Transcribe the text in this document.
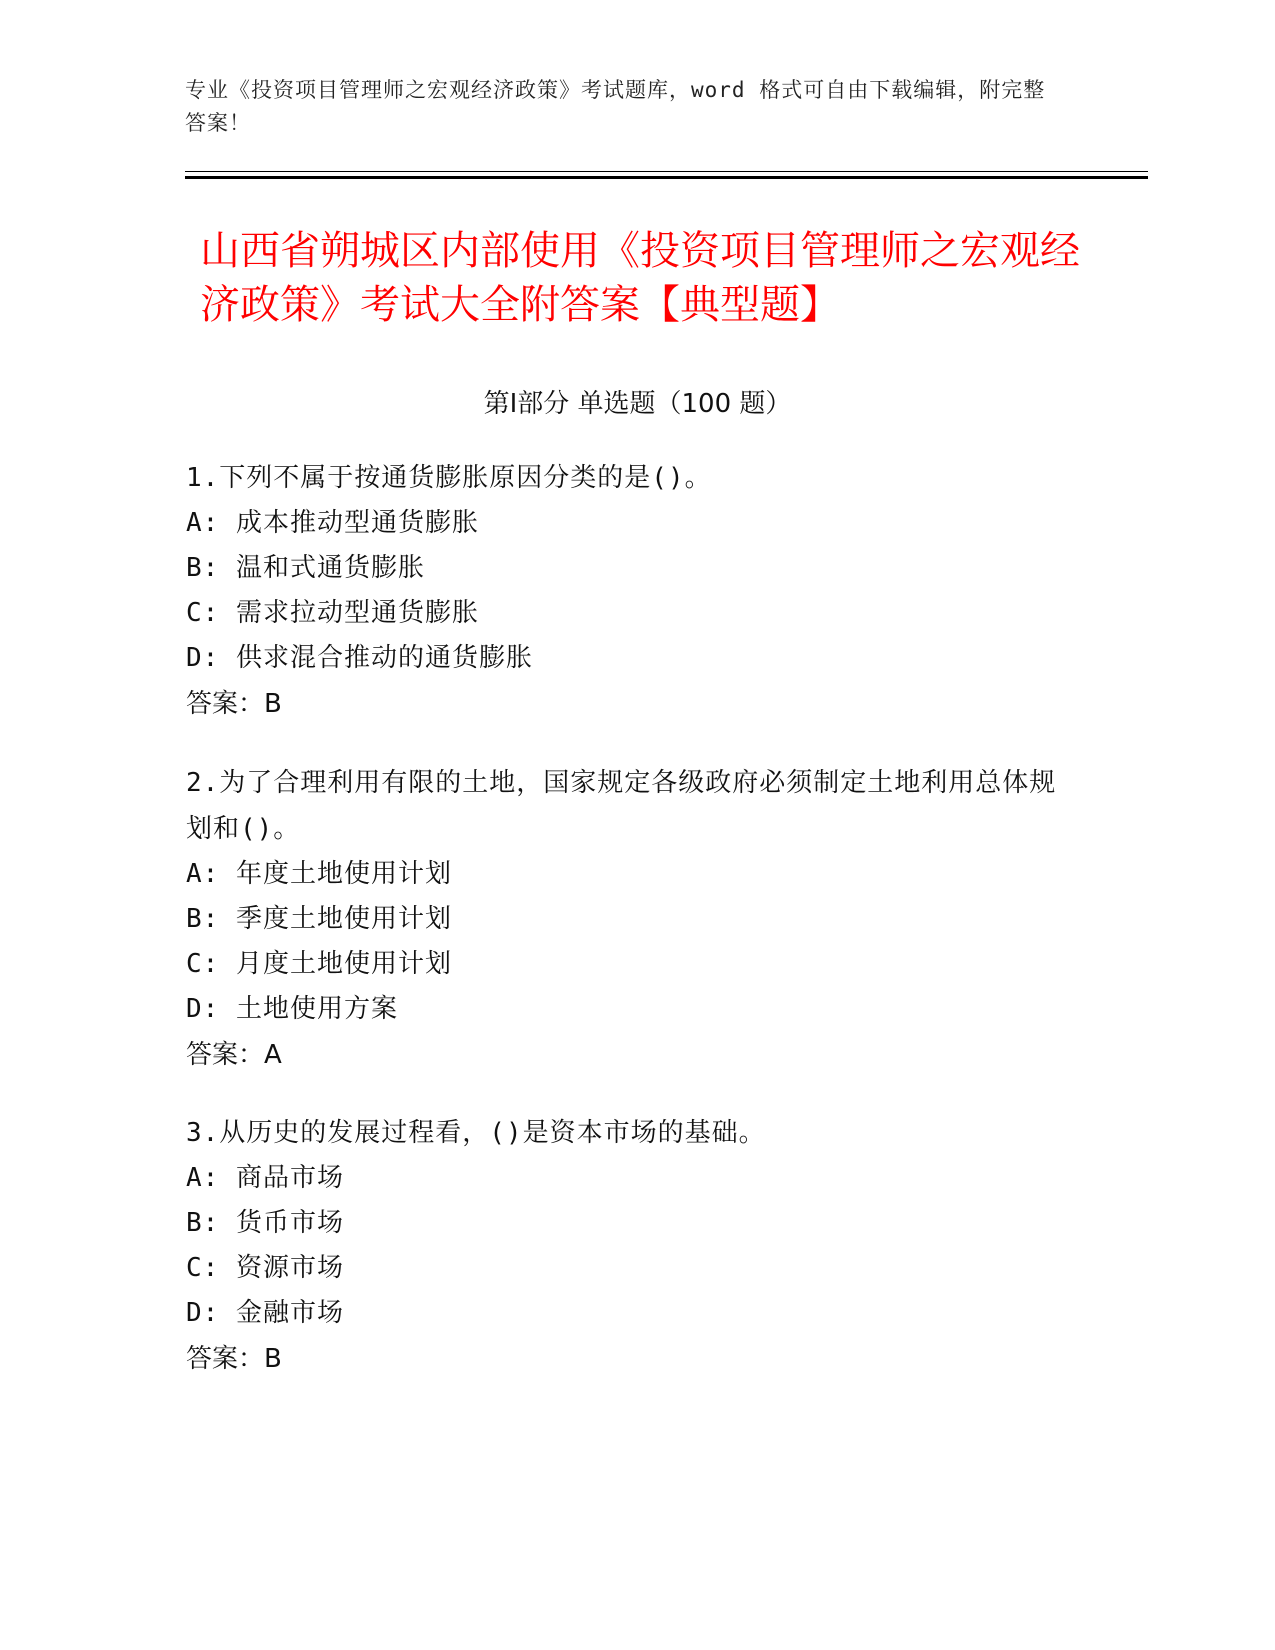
专业《投资项目管理师之宏观经济政策》考试题库，word 格式可自由下载编辑，附完整答案！
山西省朔城区内部使用《投资项目管理师之宏观经济政策》考试大全附答案【典型题】
第Ⅰ部分 单选题（100 题）

1.下列不属于按通货膨胀原因分类的是()。

A: 成本推动型通货膨胀

B: 温和式通货膨胀

C: 需求拉动型通货膨胀

D: 供求混合推动的通货膨胀

答案：B

2.为了合理利用有限的土地，国家规定各级政府必须制定土地利用总体规划和()。

A: 年度土地使用计划

B: 季度土地使用计划

C: 月度土地使用计划

D: 土地使用方案

答案：A

3.从历史的发展过程看，()是资本市场的基础。

A: 商品市场

B: 货币市场

C: 资源市场

D: 金融市场

答案：B
